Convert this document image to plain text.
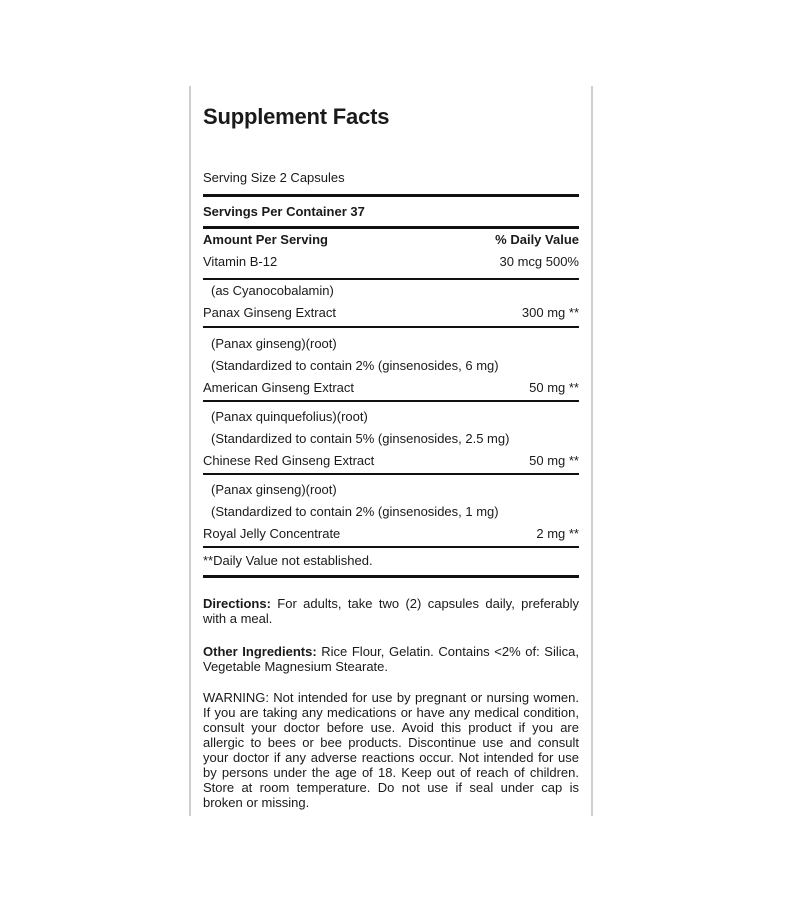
Supplement Facts
Serving Size 2 Capsules
Servings Per Container 37
Amount Per Serving	% Daily Value
Vitamin B-12	30 mcg 500%
(as Cyanocobalamin)
Panax Ginseng Extract	300 mg **
(Panax ginseng)(root)
(Standardized to contain 2% (ginsenosides, 6 mg)
American Ginseng Extract	50 mg **
(Panax quinquefolius)(root)
(Standardized to contain 5% (ginsenosides, 2.5 mg)
Chinese Red Ginseng Extract	50 mg **
(Panax ginseng)(root)
(Standardized to contain 2% (ginsenosides, 1 mg)
Royal Jelly Concentrate	2 mg **
**Daily Value not established.
Directions: For adults, take two (2) capsules daily, preferably with a meal.
Other Ingredients: Rice Flour, Gelatin. Contains <2% of: Silica, Vegetable Magnesium Stearate.
WARNING: Not intended for use by pregnant or nursing women. If you are taking any medications or have any medical condition, consult your doctor before use. Avoid this product if you are allergic to bees or bee products. Discontinue use and consult your doctor if any adverse reactions occur. Not intended for use by persons under the age of 18. Keep out of reach of children. Store at room temperature. Do not use if seal under cap is broken or missing.
